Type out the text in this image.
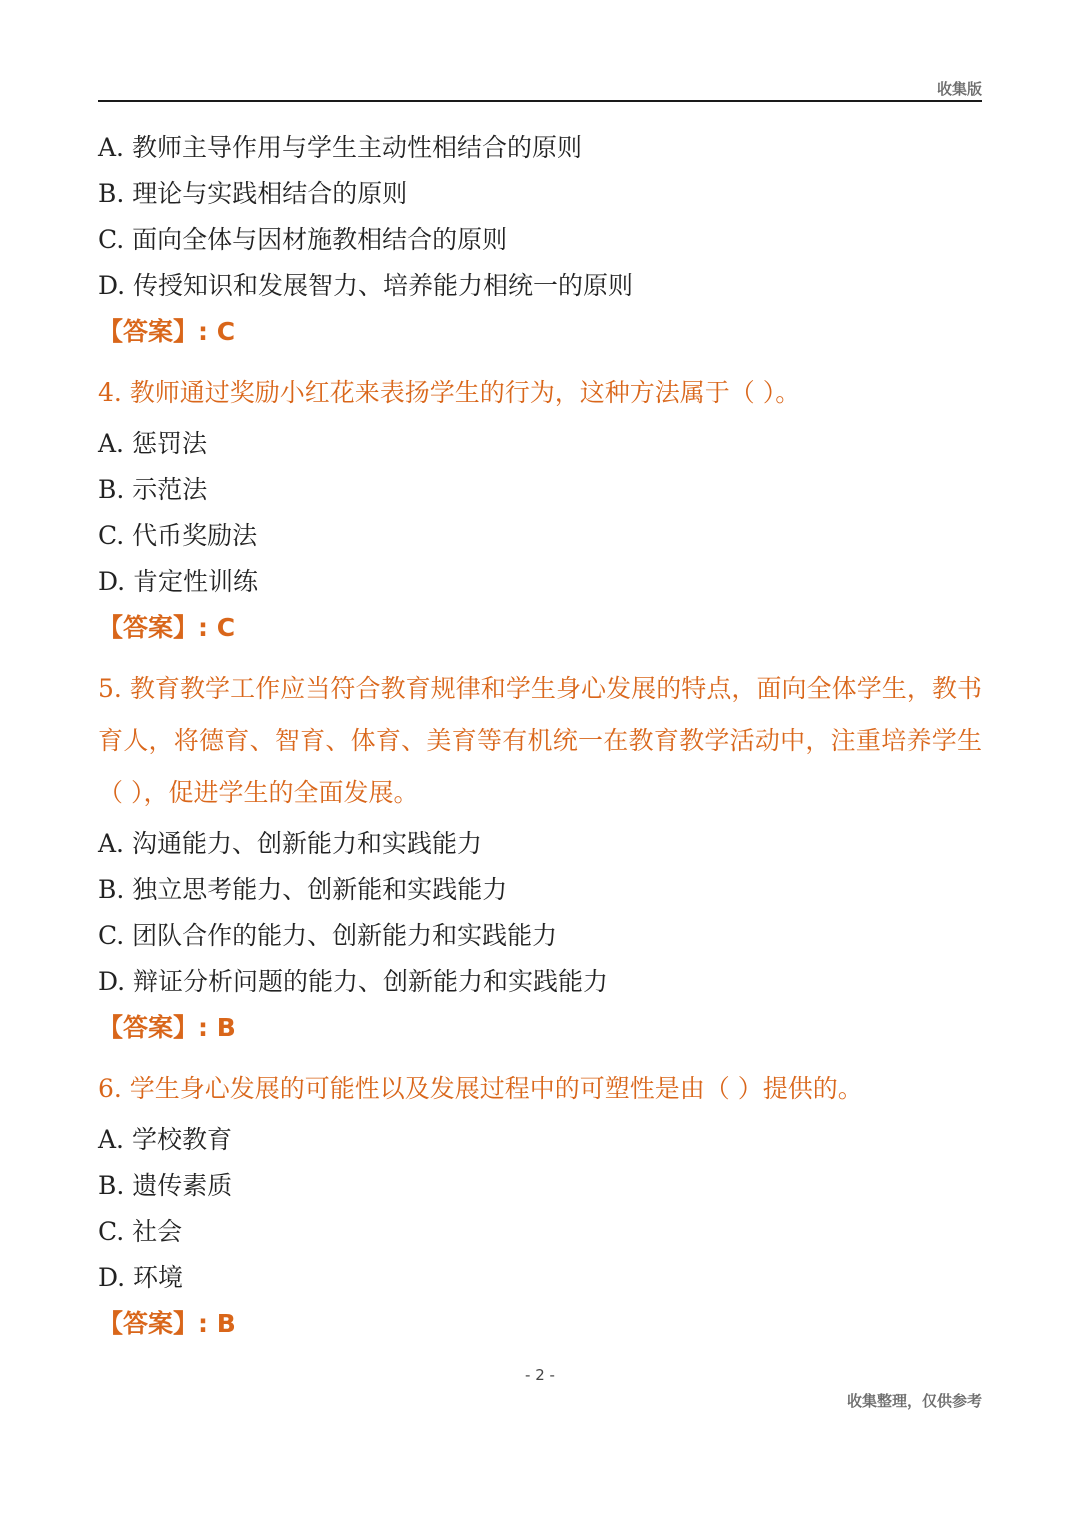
收集版
A. 教师主导作用与学生主动性相结合的原则
B. 理论与实践相结合的原则
C. 面向全体与因材施教相结合的原则
D. 传授知识和发展智力、培养能力相统一的原则
【答案】: C
4. 教师通过奖励小红花来表扬学生的行为，这种方法属于（ ）。
A. 惩罚法
B. 示范法
C. 代币奖励法
D. 肯定性训练
【答案】: C
5. 教育教学工作应当符合教育规律和学生身心发展的特点，面向全体学生，教书育人，将德育、智育、体育、美育等有机统一在教育教学活动中，注重培养学生（ ），促进学生的全面发展。
A. 沟通能力、创新能力和实践能力
B. 独立思考能力、创新能和实践能力
C. 团队合作的能力、创新能力和实践能力
D. 辩证分析问题的能力、创新能力和实践能力
【答案】: B
6. 学生身心发展的可能性以及发展过程中的可塑性是由（ ）提供的。
A. 学校教育
B. 遗传素质
C. 社会
D. 环境
【答案】: B
- 2 -
收集整理，仅供参考
